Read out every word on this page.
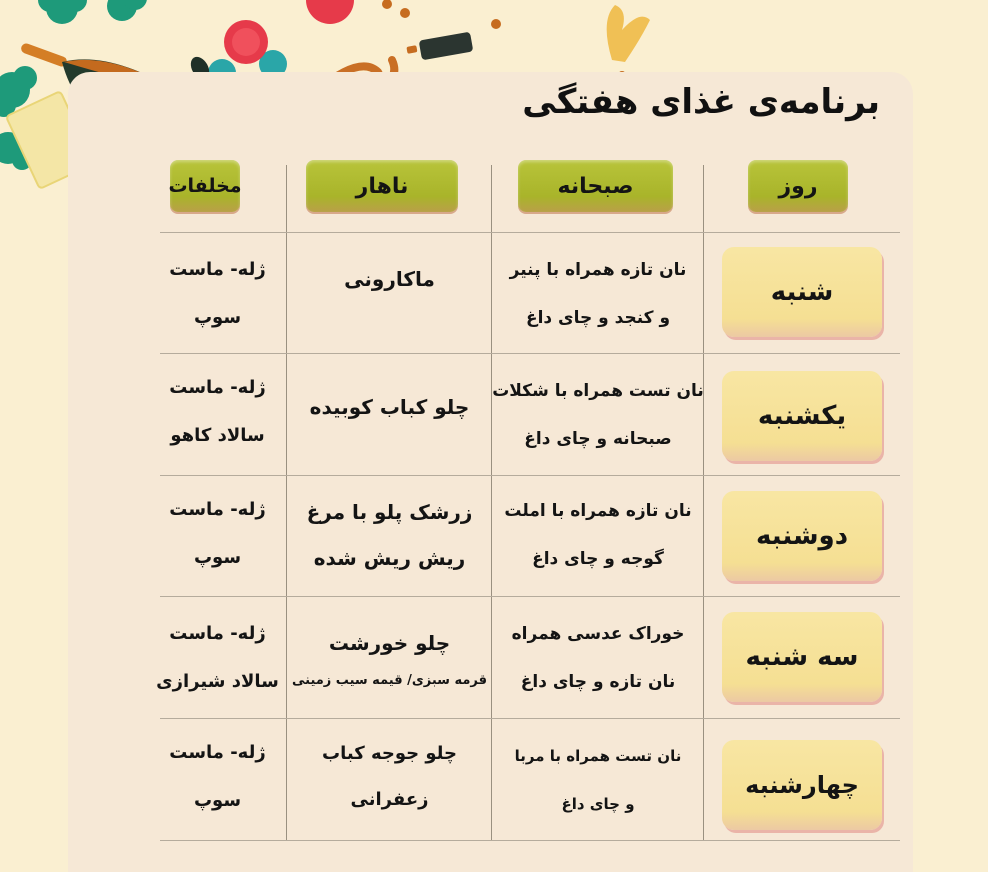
برنامه‌ی غذای هفتگی
روز
صبحانه
ناهار
مخلفات
شنبه
نان تازه همراه با پنیر
و کنجد و چای داغ
ماکارونی
ژله- ماست
سوپ
یکشنبه
نان تست همراه با شکلات
صبحانه و چای داغ
چلو کباب کوبیده
ژله- ماست
سالاد کاهو
دوشنبه
نان تازه همراه با املت
گوجه و چای داغ
زرشک پلو با مرغ
ریش ریش شده
ژله- ماست
سوپ
سه شنبه
خوراک عدسی همراه
نان تازه و چای داغ
چلو خورشت
قرمه سبزی/ قیمه سیب زمینی
ژله- ماست
سالاد شیرازی
چهارشنبه
نان تست همراه با مربا
و چای داغ
چلو جوجه کباب
زعفرانی
ژله- ماست
سوپ
